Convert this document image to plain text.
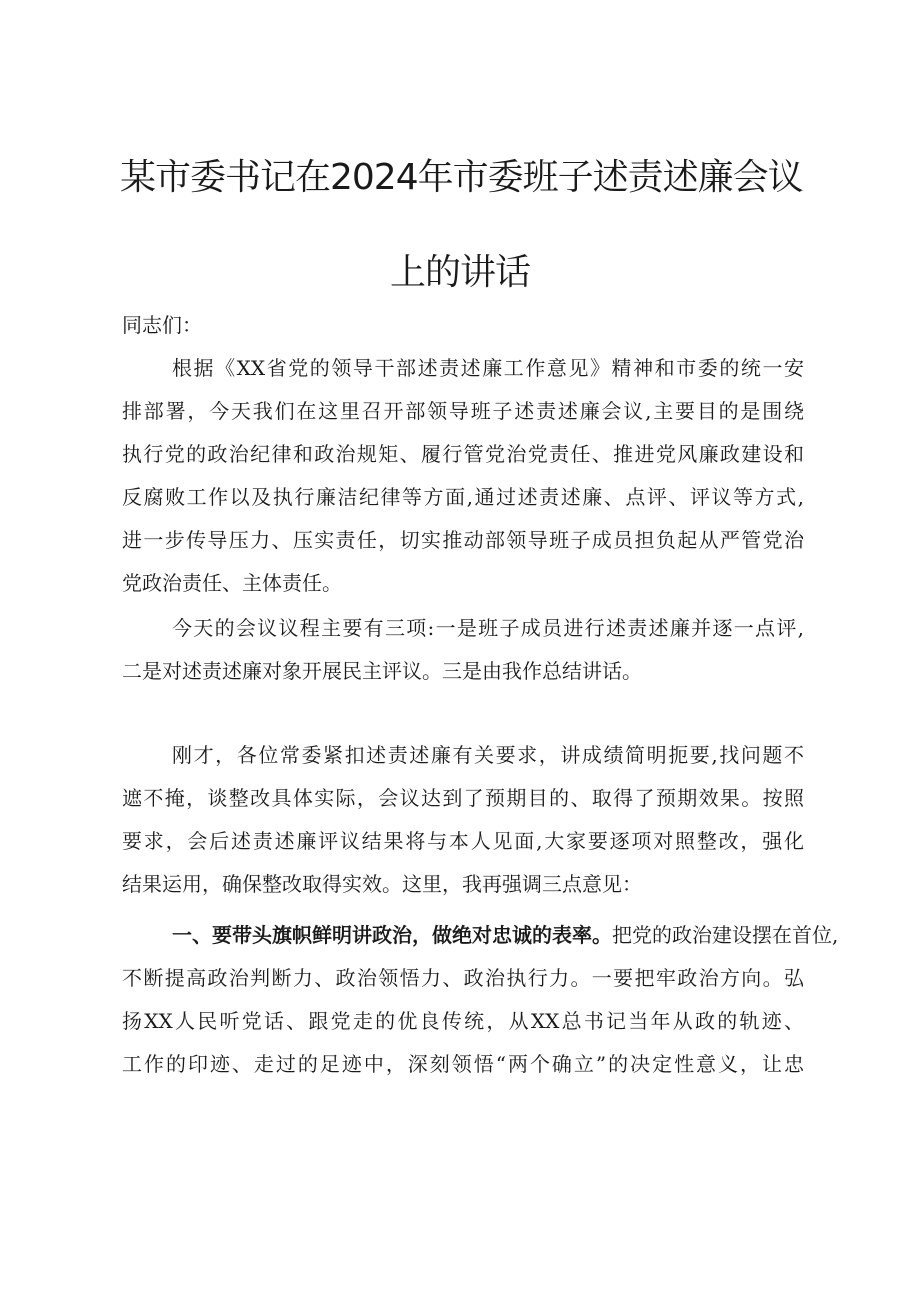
某市委书记在2024年市委班子述责述廉会议
上的讲话
同志们：
根据《XX省党的领导干部述责述廉工作意见》精神和市委的统一安
排部署，今天我们在这里召开部领导班子述责述廉会议,主要目的是围绕
执行党的政治纪律和政治规矩、履行管党治党责任、推进党风廉政建设和
反腐败工作以及执行廉洁纪律等方面,通过述责述廉、点评、评议等方式,
进一步传导压力、压实责任，切实推动部领导班子成员担负起从严管党治
党政治责任、主体责任。
今天的会议议程主要有三项:一是班子成员进行述责述廉并逐一点评,
二是对述责述廉对象开展民主评议。三是由我作总结讲话。
刚才，各位常委紧扣述责述廉有关要求，讲成绩简明扼要,找问题不
遮不掩，谈整改具体实际，会议达到了预期目的、取得了预期效果。按照
要求，会后述责述廉评议结果将与本人见面,大家要逐项对照整改，强化
结果运用，确保整改取得实效。这里，我再强调三点意见：
一、要带头旗帜鲜明讲政治，做绝对忠诚的表率。 把党的政治建设摆在首位,
不断提高政治判断力、政治领悟力、政治执行力。一要把牢政治方向。弘
扬XX人民听党话、跟党走的优良传统，从XX总书记当年从政的轨迹、
工作的印迹、走过的足迹中，深刻领悟“两个确立”的决定性意义，让忠
